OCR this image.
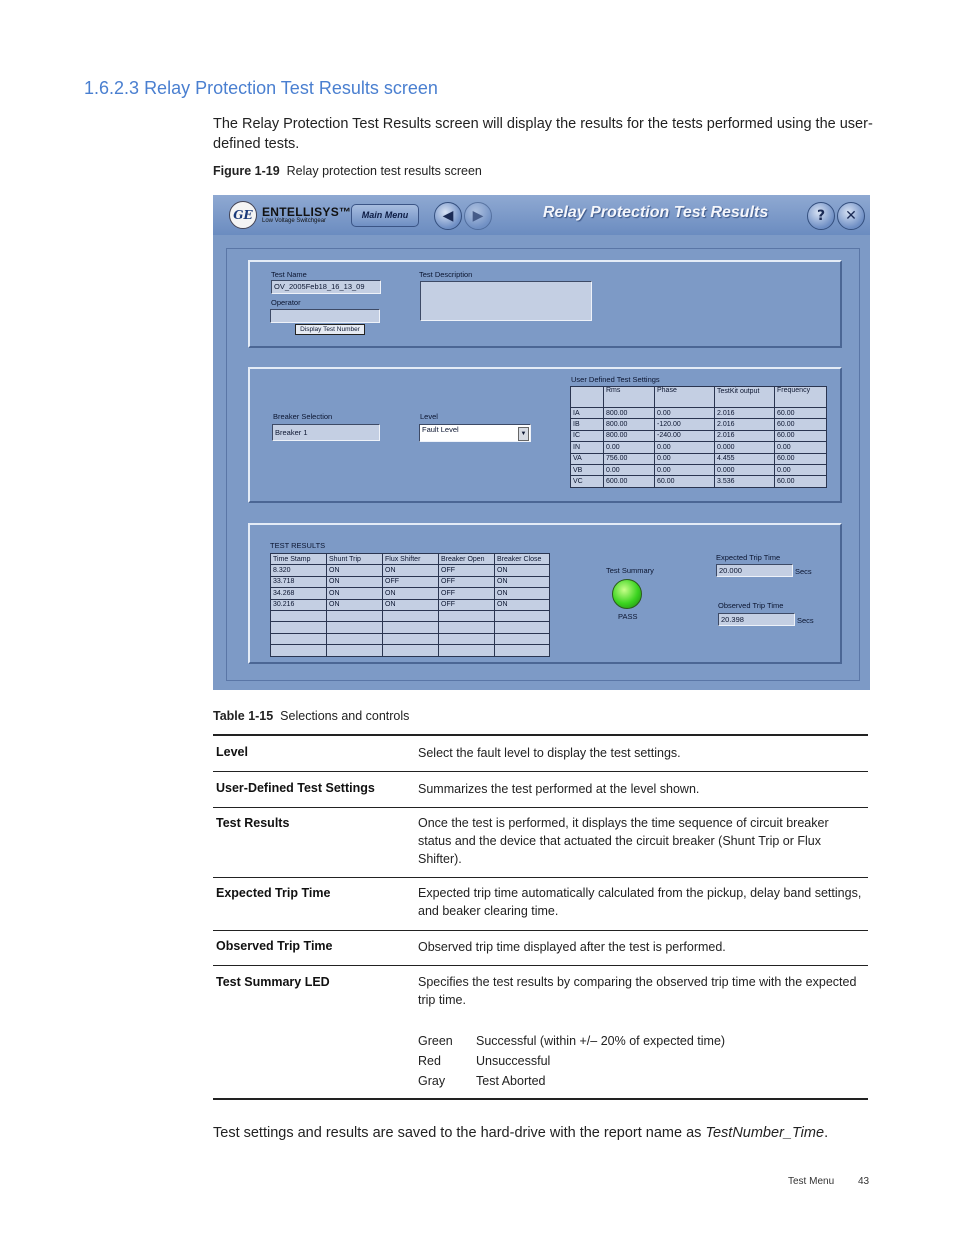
1.6.2.3 Relay Protection Test Results screen
The Relay Protection Test Results screen will display the results for the tests performed using the user-defined tests.
Figure 1-19 Relay protection test results screen
GE ENTELLISYS™
Low Voltage Switchgear
Main Menu	◀	▶	Relay Protection Test Results	?	✕
Test Name
OV_2005Feb18_16_13_09
Operator
Display Test Number
Test Description
Breaker Selection
Breaker 1
Level
Fault Level	▼
User Defined Test Settings
	Rms	Phase	TestKit output	Frequency
IA	800.00	0.00	2.016	60.00
IB	800.00	-120.00	2.016	60.00
IC	800.00	-240.00	2.016	60.00
IN	0.00	0.00	0.000	0.00
VA	756.00	0.00	4.455	60.00
VB	0.00	0.00	0.000	0.00
VC	600.00	60.00	3.536	60.00
TEST RESULTS
Time Stamp	Shunt Trip	Flux Shifter	Breaker Open	Breaker Close
8.320	ON	ON	OFF	ON
33.718	ON	OFF	OFF	ON
34.268	ON	ON	OFF	ON
30.216	ON	ON	OFF	ON

Test Summary
PASS
Expected Trip Time
20.000	Secs
Observed Trip Time
20.398	Secs
Table 1-15 Selections and controls
Level	Select the fault level to display the test settings.
User-Defined Test Settings	Summarizes the test performed at the level shown.
Test Results	Once the test is performed, it displays the time sequence of circuit breaker status and the device that actuated the circuit breaker (Shunt Trip or Flux Shifter).
Expected Trip Time	Expected trip time automatically calculated from the pickup, delay band settings, and beaker clearing time.
Observed Trip Time	Observed trip time displayed after the test is performed.
Test Summary LED	Specifies the test results by comparing the observed trip time with the expected trip time.
Green Successful (within +/– 20% of expected time)
Red	Unsuccessful
Gray Test Aborted
Test settings and results are saved to the hard-drive with the report name as TestNumber_Time.
Test Menu 43
